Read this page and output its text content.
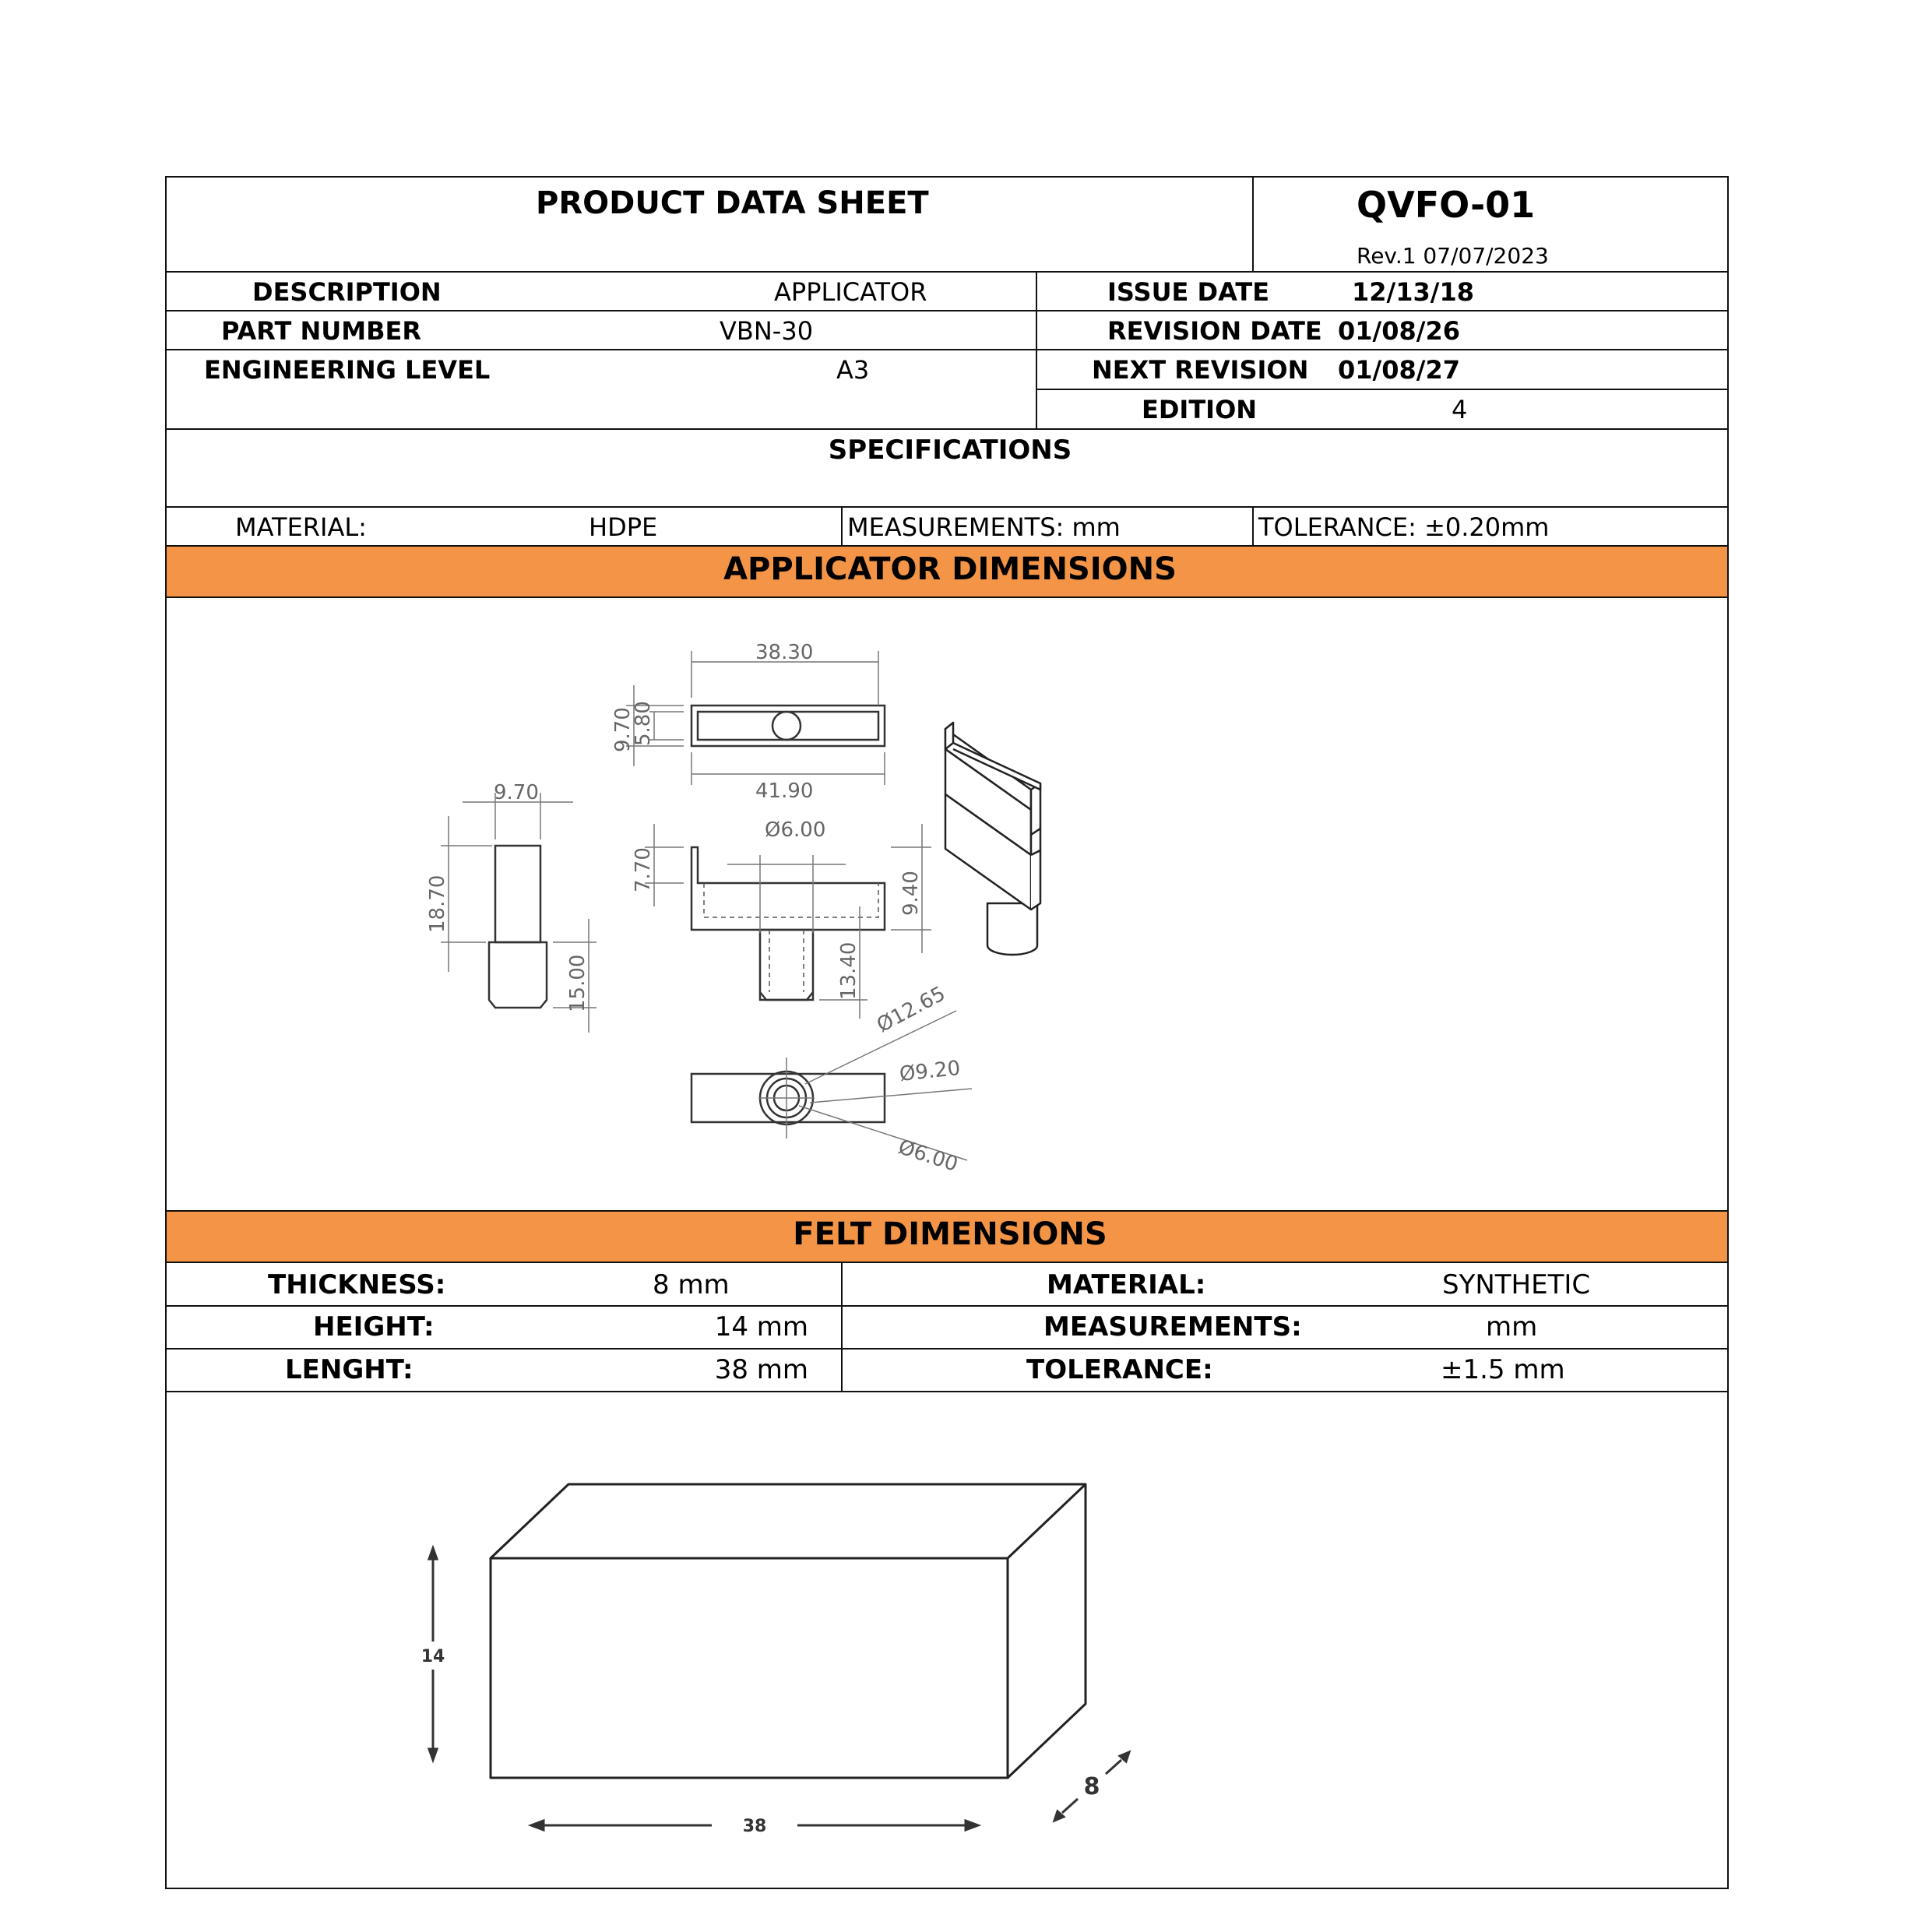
PRODUCT DATA SHEET	QVFO-01
Rev.1 07/07/2023
DESCRIPTION	APPLICATOR
PART NUMBER	VBN-30
ENGINEERING LEVEL	A3
ISSUE DATE	12/13/18
REVISION DATE 01/08/26
NEXT REVISION 01/08/27
EDITION	4
SPECIFICATIONS
MATERIAL:	HDPE	MEASUREMENTS: mm	TOLERANCE: ±0.20mm
APPLICATOR DIMENSIONS
Ø6.00
38.30
41.90
9.70
9.70
5.80
18.70
15.00
7.70
9.40
13.40
Ø12.65
Ø9.20
Ø6.00
FELT DIMENSIONS
THICKNESS:	8 mm
HEIGHT:	14 mm
LENGHT:	38 mm
MATERIAL:	SYNTHETIC
MEASUREMENTS:	mm
TOLERANCE:	±1.5 mm
14
38
8
